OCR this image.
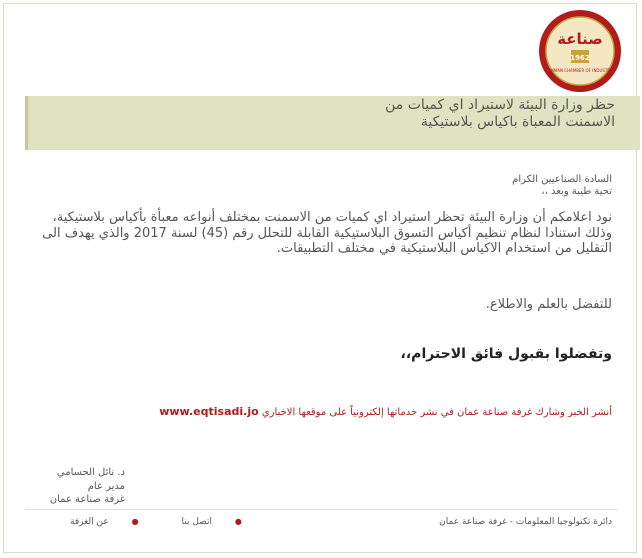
صناعة
1962
AMMAN CHAMBER OF INDUSTRY
حظر وزارة البيئة لاستيراد اي كميات من الاسمنت المعباة باكياس بلاستيكية
السادة الصناعيين الكرام
تحية طيبة وبعد ،،
نود اعلامكم أن وزارة البيئة تحظر استيراد اي كميات من الاسمنت بمختلف أنواعه معبأة بأكياس بلاستيكية، وذلك استنادا لنظام تنظيم أكياس التسوق البلاستيكية القابلة للتحلل رقم (45) لسنة 2017 والذي يهدف الى التقليل من استخدام الاكياس البلاستيكية في مختلف التطبيقات.
للتفضل بالعلم والاطلاع.
وتفضلوا بقبول فائق الاحترام،،
أنشر الخبر وشارك غرفة صناعة عمان في نشر خدماتها إلكترونياً على موقعها الاخباري www.eqtisadi.jo
د. نائل الحسامي
مدير عام
غرفة صناعة عمان
● اتصل بنا ● عن الغرفة	دائرة تكنولوجيا المعلومات - غرفة صناعة عمان
